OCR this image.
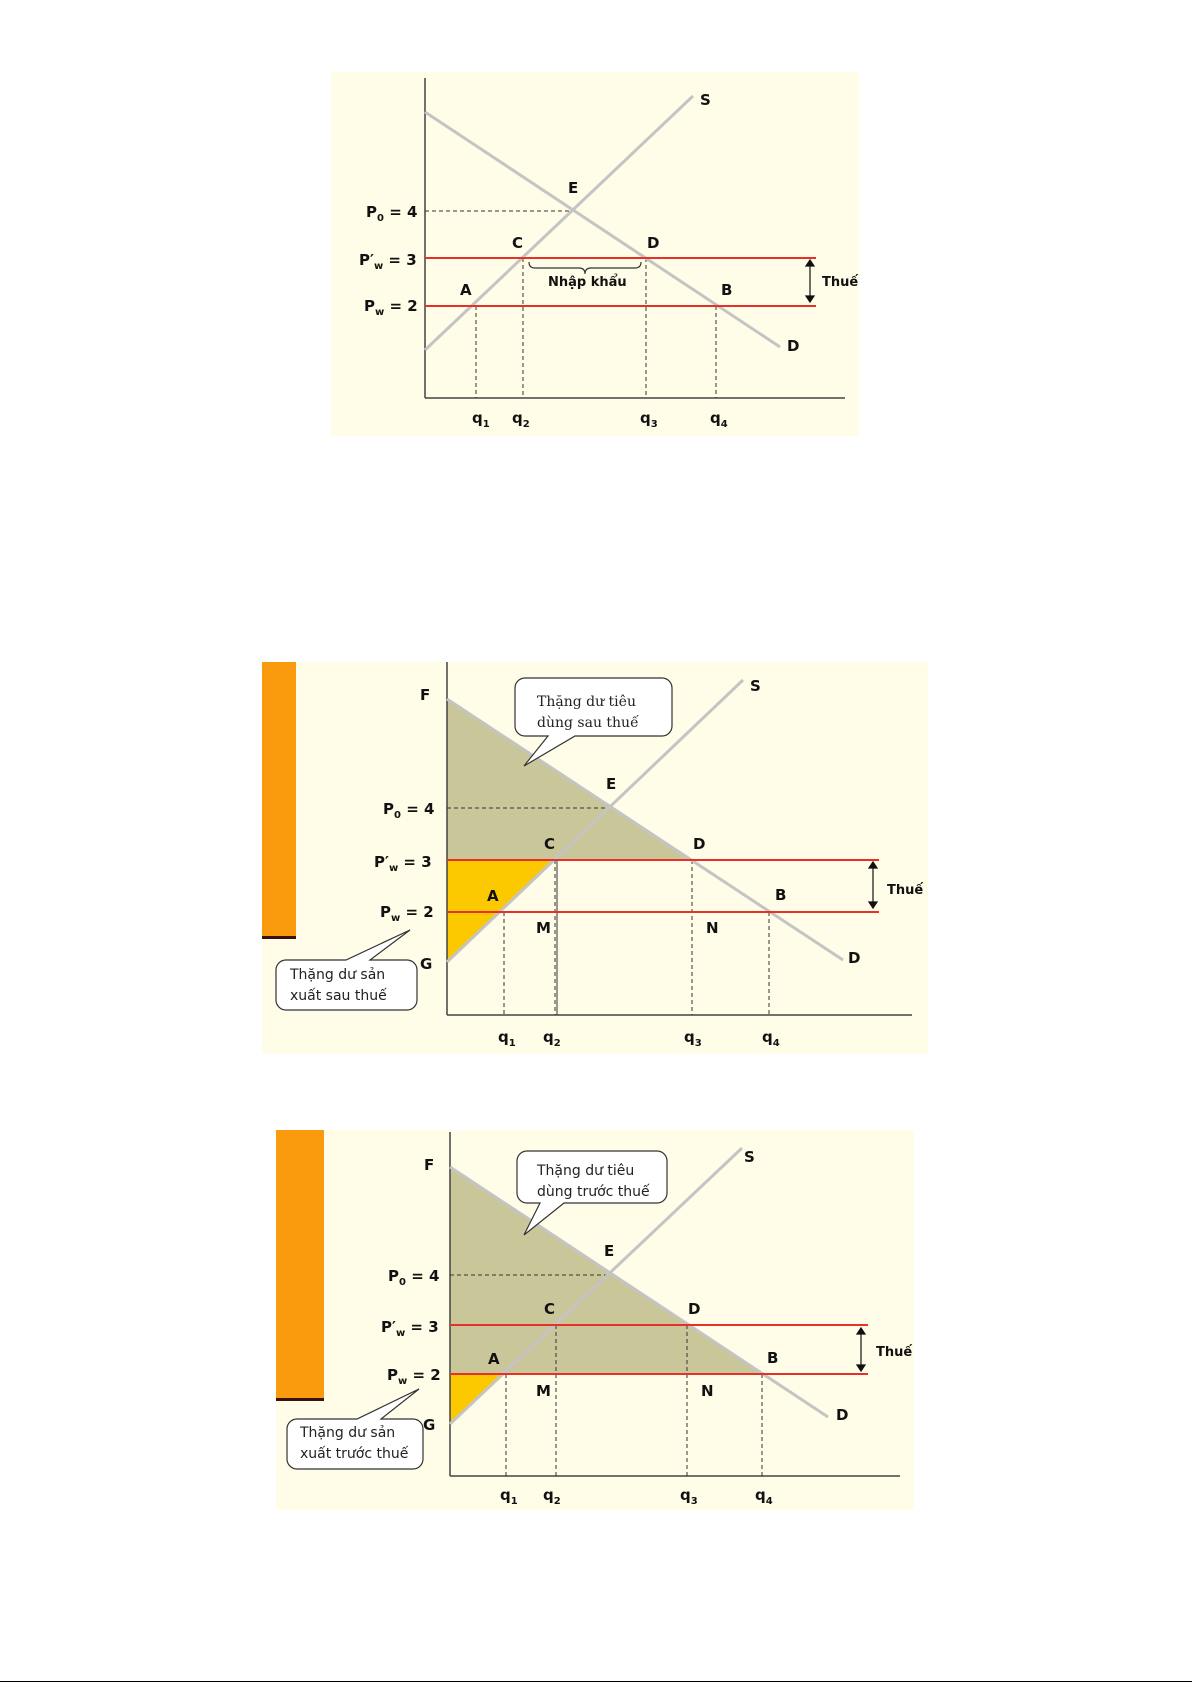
$P_0 = 4$
$P'_w = 3$
$P_w = 2$
S
D
E
C	D
A	B
Nhập khẩu	Thuế
$q_1$ $q_2$	$q_3$	$q_4$
Thặng dư tiêu
dùng sau thuế
Thặng dư sản
xuất sau thuế
F
G
$P_0 = 4$
$P'_w = 3$
$P_w = 2$
S
D
E
C	D
A	B
M	N
Thuế
$q_1$ $q_2$	$q_3$	$q_4$
Thặng dư tiêu
dùng trước thuế
Thặng dư sản
xuất trước thuế
F
G
$P_0 = 4$
$P'_w = 3$
$P_w = 2$
S
D
E
C	D
A	B
M	N
Thuế
$q_1$ $q_2$	$q_3$	$q_4$
